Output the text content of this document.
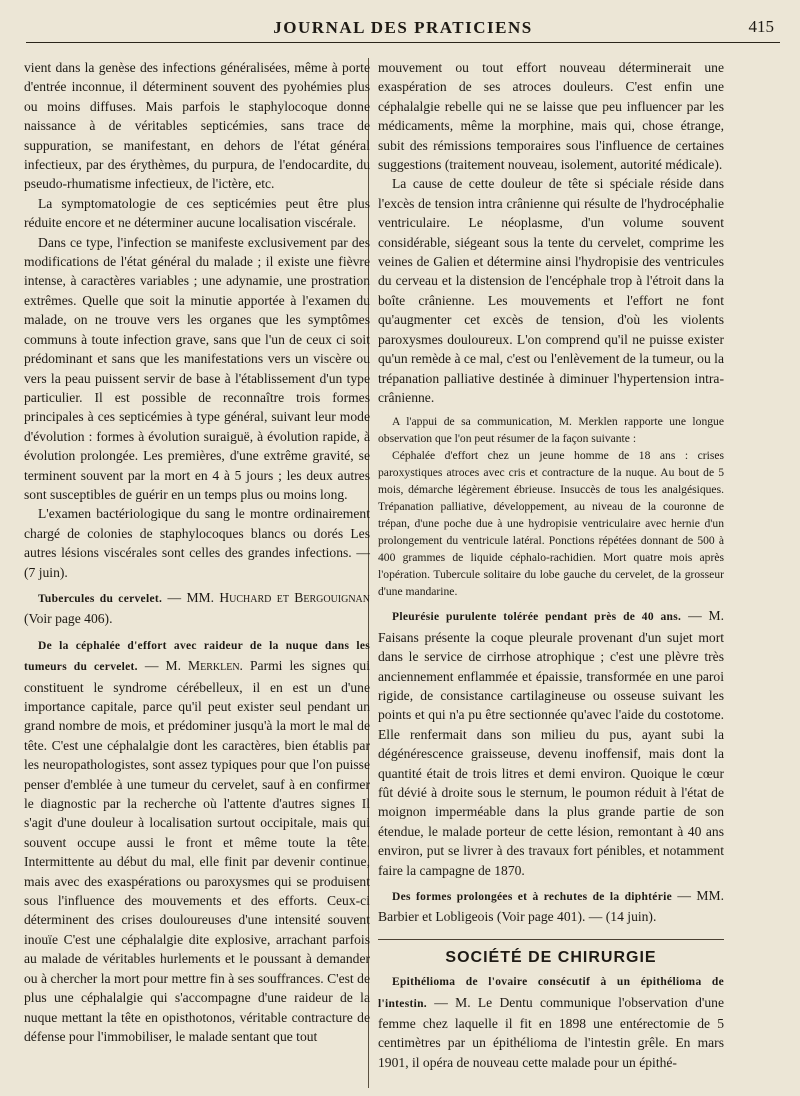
JOURNAL DES PRATICIENS	415

vient dans la genèse des infections généralisées, même à porte d'entrée inconnue, il déterminent souvent des pyohémies plus ou moins diffuses. Mais parfois le staphylocoque donne naissance à de véritables septicémies, sans trace de suppuration, se manifestant, en dehors de l'état général infectieux, par des érythèmes, du purpura, de l'endocardite, du pseudo-rhumatisme infectieux, de l'ictère, etc.

La symptomatologie de ces septicémies peut être plus réduite encore et ne déterminer aucune localisation viscérale.

Dans ce type, l'infection se manifeste exclusivement par des modifications de l'état général du malade ; il existe une fièvre intense, à caractères variables ; une adynamie, une prostration extrêmes. Quelle que soit la minutie apportée à l'examen du malade, on ne trouve vers les organes que les symptômes communs à toute infection grave, sans que l'un de ceux ci soit prédominant et sans que les manifestations vers un viscère ou vers la peau puissent servir de base à l'établissement d'un type particulier. Il est possible de reconnaître trois formes principales à ces septicémies à type général, suivant leur mode d'évolution : formes à évolution suraiguë, à évolution rapide, à évolution prolongée. Les premières, d'une extrême gravité, se terminent souvent par la mort en 4 à 5 jours ; les deux autres sont susceptibles de guérir en un temps plus ou moins long.

L'examen bactériologique du sang le montre ordinairement chargé de colonies de staphylocoques blancs ou dorés Les autres lésions viscérales sont celles des grandes infections. — (7 juin).

Tubercules du cervelet. — MM. Huchard et Bergouignan (Voir page 406).

De la céphalée d'effort avec raideur de la nuque dans les tumeurs du cervelet. — M. Merklen. Parmi les signes qui constituent le syndrome cérébelleux, il en est un d'une importance capitale, parce qu'il peut exister seul pendant un grand nombre de mois, et prédominer jusqu'à la mort le mal de tête. C'est une céphalalgie dont les caractères, bien établis par les neuropathologistes, sont assez typiques pour que l'on puisse penser d'emblée à une tumeur du cervelet, sauf à en confirmer le diagnostic par la recherche où l'attente d'autres signes Il s'agit d'une douleur à localisation surtout occipitale, mais qui souvent occupe aussi le front et même toute la tête. Intermittente au début du mal, elle finit par devenir continue, mais avec des exaspérations ou paroxysmes qui se produisent sous l'influence des mouvements et des efforts. Ceux-ci déterminent des crises douloureuses d'une intensité souvent inouïe C'est une céphalalgie dite explosive, arrachant parfois au malade de véritables hurlements et le poussant à demander ou à chercher la mort pour mettre fin à ses souffrances. C'est de plus une céphalalgie qui s'accompagne d'une raideur de la nuque mettant la tête en opisthotonos, véritable contracture de défense pour l'immobiliser, le malade sentant que tout

mouvement ou tout effort nouveau déterminerait une exaspération de ses atroces douleurs. C'est enfin une céphalalgie rebelle qui ne se laisse que peu influencer par les médicaments, même la morphine, mais qui, chose étrange, subit des rémissions temporaires sous l'influence de certaines suggestions (traitement nouveau, isolement, autorité médicale).

La cause de cette douleur de tête si spéciale réside dans l'excès de tension intra crânienne qui résulte de l'hydrocéphalie ventriculaire. Le néoplasme, d'un volume souvent considérable, siégeant sous la tente du cervelet, comprime les veines de Galien et détermine ainsi l'hydropisie des ventricules du cerveau et la distension de l'encéphale trop à l'étroit dans la boîte crânienne. Les mouvements et l'effort ne font qu'augmenter cet excès de tension, d'où les violents paroxysmes douloureux. L'on comprend qu'il ne puisse exister qu'un remède à ce mal, c'est ou l'enlèvement de la tumeur, ou la trépanation palliative destinée à diminuer l'hypertension intra-crânienne.

A l'appui de sa communication, M. Merklen rapporte une longue observation que l'on peut résumer de la façon suivante :

Céphalée d'effort chez un jeune homme de 18 ans : crises paroxystiques atroces avec cris et contracture de la nuque. Au bout de 5 mois, démarche légèrement ébrieuse. Insuccès de tous les analgésiques. Trépanation palliative, développement, au niveau de la couronne de trépan, d'une poche due à une hydropisie ventriculaire avec hernie d'un prolongement du ventricule latéral. Ponctions répétées donnant de 500 à 400 grammes de liquide céphalo-rachidien. Mort quatre mois après l'opération. Tubercule solitaire du lobe gauche du cervelet, de la grosseur d'une mandarine.

Pleurésie purulente tolérée pendant près de 40 ans. — M. Faisans présente la coque pleurale provenant d'un sujet mort dans le service de cirrhose atrophique ; c'est une plèvre très anciennement enflammée et épaissie, transformée en une paroi rigide, de consistance cartilagineuse ou osseuse suivant les points et qui n'a pu être sectionnée qu'avec l'aide du costotome. Elle renfermait dans son milieu du pus, ayant subi la dégénérescence graisseuse, devenu inoffensif, mais dont la quantité était de trois litres et demi environ. Quoique le cœur fût dévié à droite sous le sternum, le poumon réduit à l'état de moignon imperméable dans la plus grande partie de son étendue, le malade porteur de cette lésion, remontant à 40 ans environ, put se livrer à des travaux fort pénibles, et notamment faire la campagne de 1870.

Des formes prolongées et à rechutes de la diphtérie — MM. Barbier et Lobligeois (Voir page 401). — (14 juin).

SOCIÉTÉ DE CHIRURGIE

Epithélioma de l'ovaire consécutif à un épithélioma de l'intestin. — M. Le Dentu communique l'observation d'une femme chez laquelle il fit en 1898 une entérectomie de 5 centimètres par un épithélioma de l'intestin grêle. En mars 1901, il opéra de nouveau cette malade pour un épithé-
